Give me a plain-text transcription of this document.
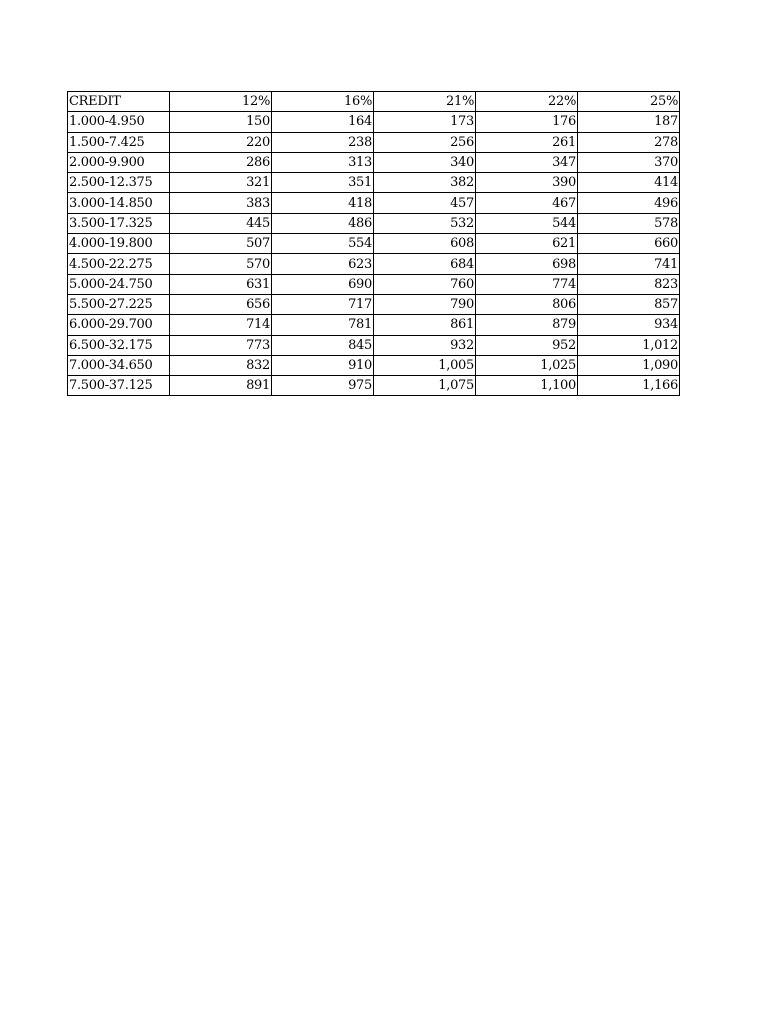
CREDIT	12%	16%	21%	22%	25%
1.000-4.950	150	164	173	176	187
1.500-7.425	220	238	256	261	278
2.000-9.900	286	313	340	347	370
2.500-12.375	321	351	382	390	414
3.000-14.850	383	418	457	467	496
3.500-17.325	445	486	532	544	578
4.000-19.800	507	554	608	621	660
4.500-22.275	570	623	684	698	741
5.000-24.750	631	690	760	774	823
5.500-27.225	656	717	790	806	857
6.000-29.700	714	781	861	879	934
6.500-32.175	773	845	932	952	1,012
7.000-34.650	832	910	1,005	1,025	1,090
7.500-37.125	891	975	1,075	1,100	1,166
